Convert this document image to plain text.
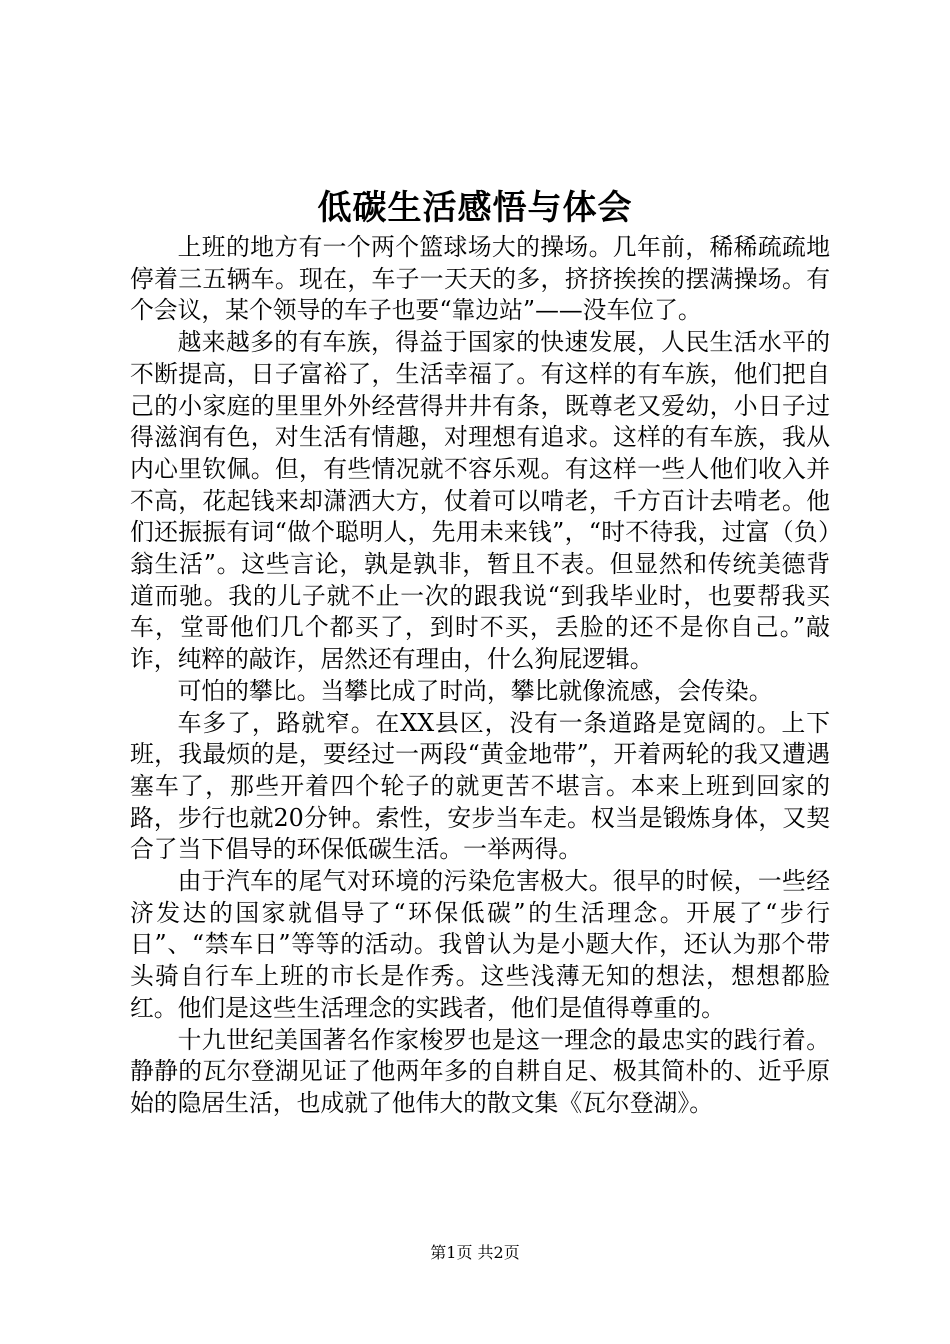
低碳生活感悟与体会

上班的地方有一个两个篮球场大的操场。几年前，稀稀疏疏地停着三五辆车。现在，车子一天天的多，挤挤挨挨的摆满操场。有个会议，某个领导的车子也要“靠边站”——没车位了。

越来越多的有车族，得益于国家的快速发展，人民生活水平的不断提高，日子富裕了，生活幸福了。有这样的有车族，他们把自己的小家庭的里里外外经营得井井有条，既尊老又爱幼，小日子过得滋润有色，对生活有情趣，对理想有追求。这样的有车族，我从内心里钦佩。但，有些情况就不容乐观。有这样一些人他们收入并不高，花起钱来却潇洒大方，仗着可以啃老，千方百计去啃老。他们还振振有词“做个聪明人，先用未来钱”，“时不待我，过富（负）翁生活”。这些言论，孰是孰非，暂且不表。但显然和传统美德背道而驰。我的儿子就不止一次的跟我说“到我毕业时，也要帮我买车，堂哥他们几个都买了，到时不买，丢脸的还不是你自己。”敲诈，纯粹的敲诈，居然还有理由，什么狗屁逻辑。

可怕的攀比。当攀比成了时尚，攀比就像流感，会传染。

车多了，路就窄。在XX县区，没有一条道路是宽阔的。上下班，我最烦的是，要经过一两段“黄金地带”，开着两轮的我又遭遇塞车了，那些开着四个轮子的就更苦不堪言。本来上班到回家的路，步行也就20分钟。索性，安步当车走。权当是锻炼身体，又契合了当下倡导的环保低碳生活。一举两得。

由于汽车的尾气对环境的污染危害极大。很早的时候，一些经济发达的国家就倡导了“环保低碳”的生活理念。开展了“步行日”、“禁车日”等等的活动。我曾认为是小题大作，还认为那个带头骑自行车上班的市长是作秀。这些浅薄无知的想法，想想都脸红。他们是这些生活理念的实践者，他们是值得尊重的。

十九世纪美国著名作家梭罗也是这一理念的最忠实的践行着。静静的瓦尔登湖见证了他两年多的自耕自足、极其简朴的、近乎原始的隐居生活，也成就了他伟大的散文集《瓦尔登湖》。

第1页 共2页
